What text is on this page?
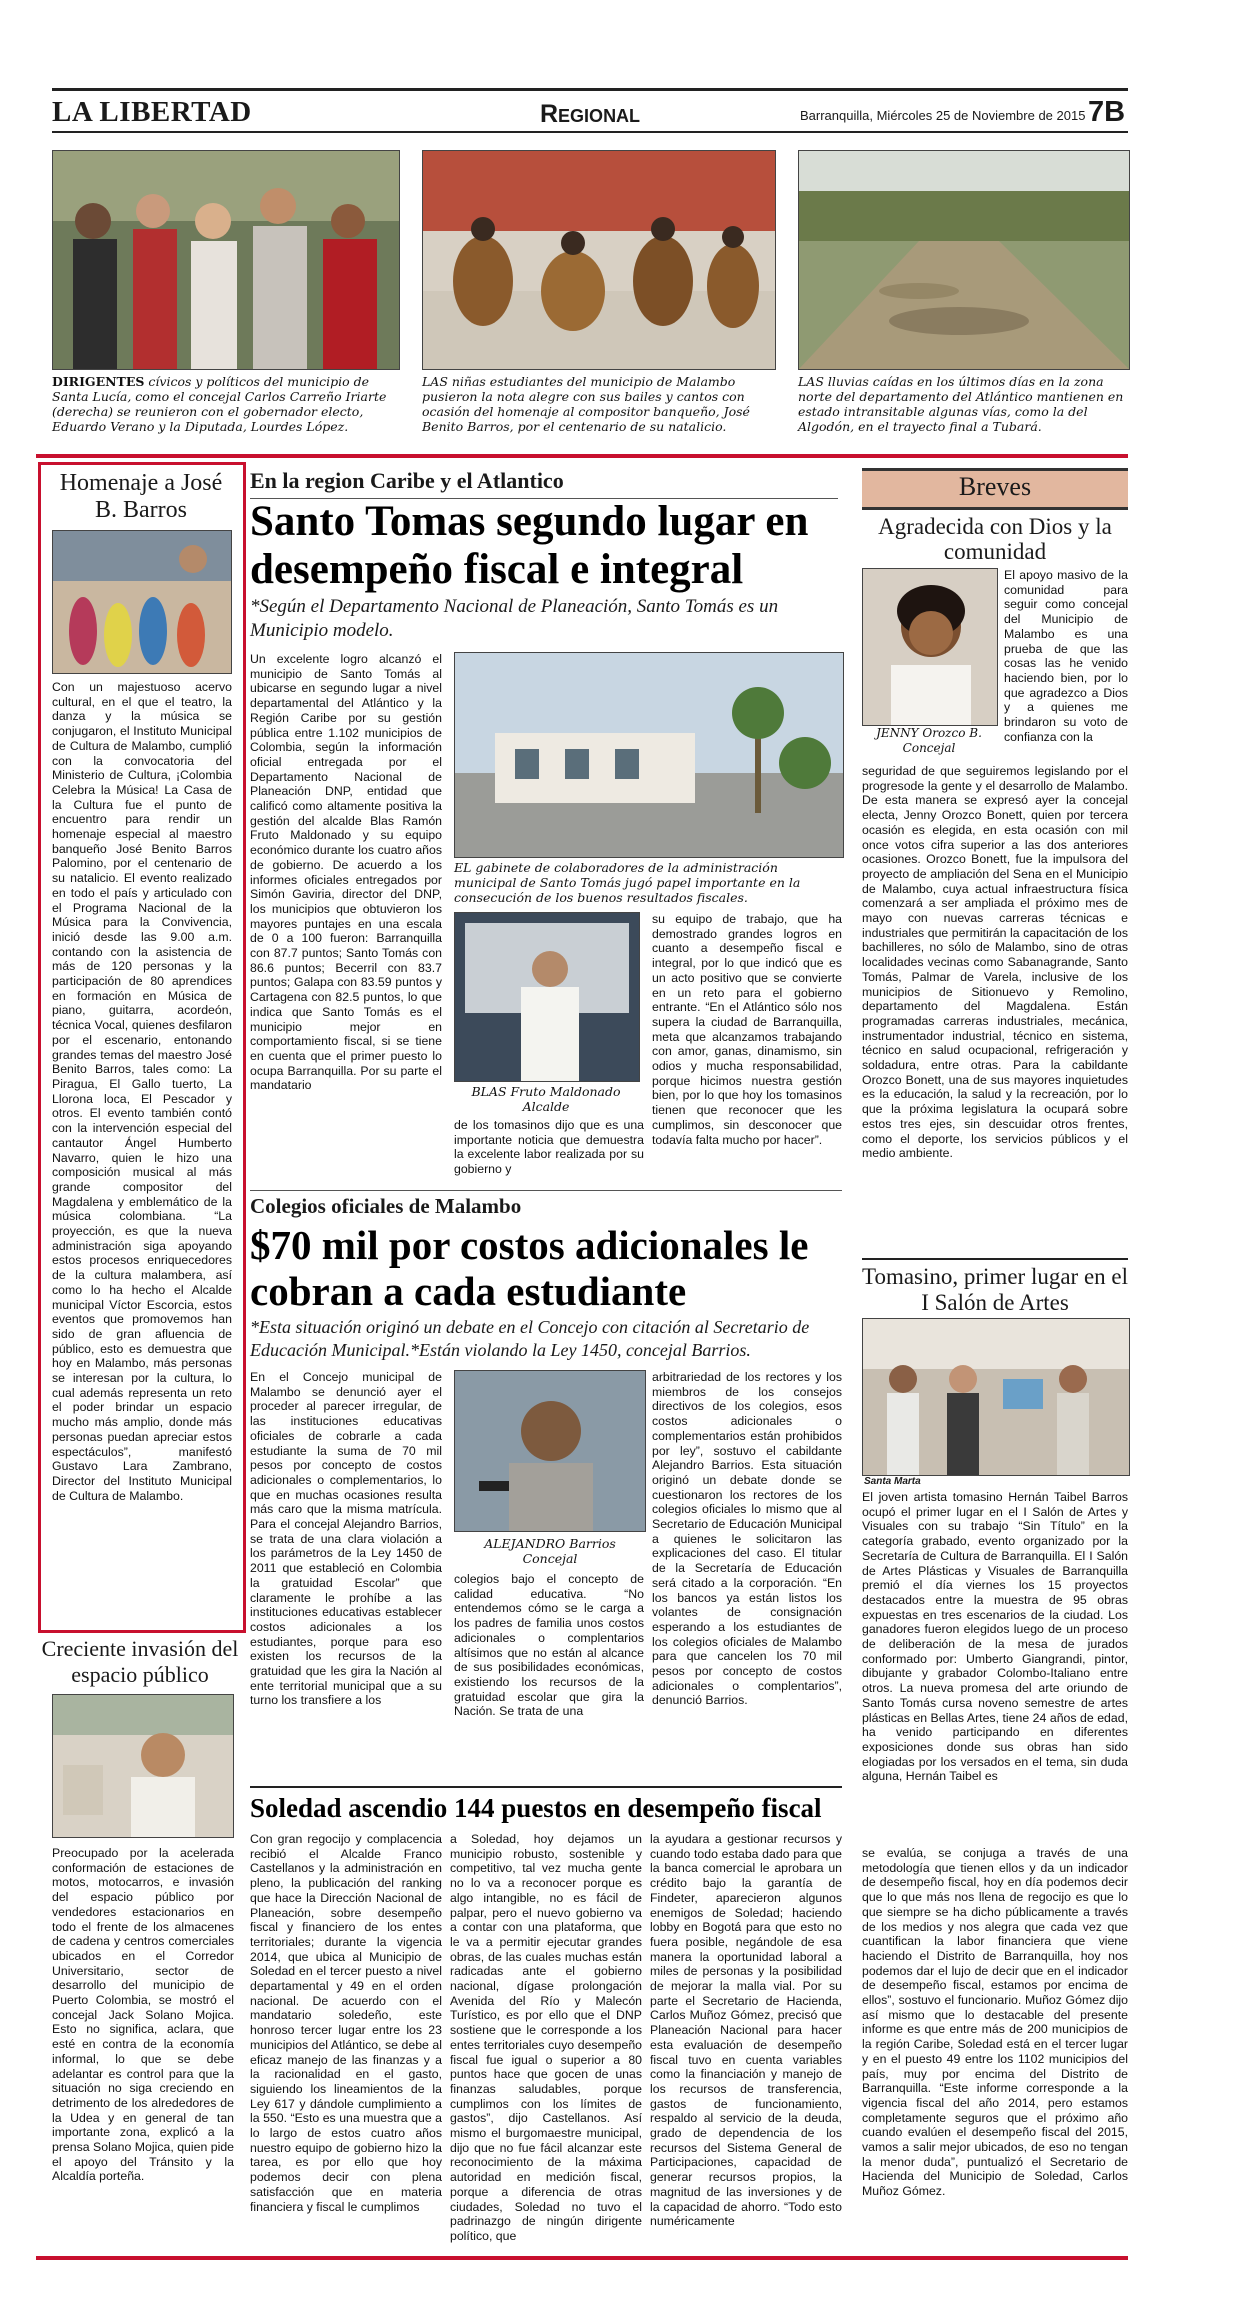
LA LIBERTAD	Regional	Barranquilla, Miércoles 25 de Noviembre de 2015 7B
DIRIGENTES cívicos y políticos del municipio de Santa Lucía, como el concejal Carlos Carreño Iriarte (derecha) se reunieron con el gobernador electo, Eduardo Verano y la Diputada, Lourdes López.
LAS niñas estudiantes del municipio de Malambo pusieron la nota alegre con sus bailes y cantos con ocasión del homenaje al compositor banqueño, José Benito Barros, por el centenario de su natalicio.
LAS lluvias caídas en los últimos días en la zona norte del departamento del Atlántico mantienen en estado intransitable algunas vías, como la del Algodón, en el trayecto final a Tubará.
Homenaje a José B. Barros
Con un majestuoso acervo cultural, en el que el teatro, la danza y la música se conjugaron, el Instituto Municipal de Cultura de Malambo, cumplió con la convocatoria del Ministerio de Cultura, ¡Colombia Celebra la Música! La Casa de la Cultura fue el punto de encuentro para rendir un homenaje especial al maestro banqueño José Benito Barros Palomino, por el centenario de su natalicio. El evento realizado en todo el país y articulado con el Programa Nacional de la Música para la Convivencia, inició desde las 9.00 a.m. contando con la asistencia de más de 120 personas y la participación de 80 aprendices en formación en Música de piano, guitarra, acordeón, técnica Vocal, quienes desfilaron por el escenario, entonando grandes temas del maestro José Benito Barros, tales como: La Piragua, El Gallo tuerto, La Llorona loca, El Pescador y otros. El evento también contó con la intervención especial del cantautor Ángel Humberto Navarro, quien le hizo una composición musical al más grande compositor del Magdalena y emblemático de la música colombiana. “La proyección, es que la nueva administración siga apoyando estos procesos enriquecedores de la cultura malambera, así como lo ha hecho el Alcalde municipal Víctor Escorcia, estos eventos que promovemos han sido de gran afluencia de público, esto es demuestra que hoy en Malambo, más personas se interesan por la cultura, lo cual además representa un reto el poder brindar un espacio mucho más amplio, donde más personas puedan apreciar estos espectáculos”, manifestó Gustavo Lara Zambrano, Director del Instituto Municipal de Cultura de Malambo.
Creciente invasión del espacio público
Preocupado por la acelerada conformación de estaciones de motos, motocarros, e invasión del espacio público por vendedores estacionarios en todo el frente de los almacenes de cadena y centros comerciales ubicados en el Corredor Universitario, sector de desarrollo del municipio de Puerto Colombia, se mostró el concejal Jack Solano Mojica. Esto no significa, aclara, que esté en contra de la economía informal, lo que se debe adelantar es control para que la situación no siga creciendo en detrimento de los alrededores de la Udea y en general de tan importante zona, explicó a la prensa Solano Mojica, quien pide el apoyo del Tránsito y la Alcaldía porteña.
En la region Caribe y el Atlantico
Santo Tomas segundo lugar en desempeño fiscal e integral
*Según el Departamento Nacional de Planeación, Santo Tomás es un Municipio modelo.
Un excelente logro alcanzó el municipio de Santo Tomás al ubicarse en segundo lugar a nivel departamental del Atlántico y la Región Caribe por su gestión pública entre 1.102 municipios de Colombia, según la información oficial entregada por el Departamento Nacional de Planeación DNP, entidad que calificó como altamente positiva la gestión del alcalde Blas Ramón Fruto Maldonado y su equipo económico durante los cuatro años de gobierno. De acuerdo a los informes oficiales entregados por Simón Gaviria, director del DNP, los municipios que obtuvieron los mayores puntajes en una escala de 0 a 100 fueron: Barranquilla con 87.7 puntos; Santo Tomás con 86.6 puntos; Becerril con 83.7 puntos; Galapa con 83.59 puntos y Cartagena con 82.5 puntos, lo que indica que Santo Tomás es el municipio mejor en comportamiento fiscal, si se tiene en cuenta que el primer puesto lo ocupa Barranquilla. Por su parte el mandatario
EL gabinete de colaboradores de la administración municipal de Santo Tomás jugó papel importante en la consecución de los buenos resultados fiscales.
BLAS Fruto Maldonado Alcalde
de los tomasinos dijo que es una importante noticia que demuestra la excelente labor realizada por su gobierno y
su equipo de trabajo, que ha demostrado grandes logros en cuanto a desempeño fiscal e integral, por lo que indicó que es un acto positivo que se convierte en un reto para el gobierno entrante. “En el Atlántico sólo nos supera la ciudad de Barranquilla, meta que alcanzamos trabajando con amor, ganas, dinamismo, sin odios y mucha responsabilidad, porque hicimos nuestra gestión bien, por lo que hoy los tomasinos tienen que reconocer que les cumplimos, sin desconocer que todavía falta mucho por hacer”.
Colegios oficiales de Malambo
$70 mil por costos adicionales le cobran a cada estudiante
*Esta situación originó un debate en el Concejo con citación al Secretario de Educación Municipal.*Están violando la Ley 1450, concejal Barrios.
En el Concejo municipal de Malambo se denunció ayer el proceder al parecer irregular, de las instituciones educativas oficiales de cobrarle a cada estudiante la suma de 70 mil pesos por concepto de costos adicionales o complementarios, lo que en muchas ocasiones resulta más caro que la misma matrícula. Para el concejal Alejandro Barrios, se trata de una clara violación a los parámetros de la Ley 1450 de 2011 que estableció en Colombia la gratuidad Escolar” que claramente le prohíbe a las instituciones educativas establecer costos adicionales a los estudiantes, porque para eso existen los recursos de la gratuidad que les gira la Nación al ente territorial municipal que a su turno los transfiere a los
ALEJANDRO Barrios Concejal
colegios bajo el concepto de calidad educativa. “No entendemos cómo se le carga a los padres de familia unos costos adicionales o complentarios altísimos que no están al alcance de sus posibilidades económicas, existiendo los recursos de la gratuidad escolar que gira la Nación. Se trata de una
arbitrariedad de los rectores y los miembros de los consejos directivos de los colegios, esos costos adicionales o complementarios están prohibidos por ley”, sostuvo el cabildante Alejandro Barrios. Esta situación originó un debate donde se cuestionaron los rectores de los colegios oficiales lo mismo que al Secretario de Educación Municipal a quienes le solicitaron las explicaciones del caso. El titular de la Secretaría de Educación será citado a la corporación. “En los bancos ya están listos los volantes de consignación esperando a los estudiantes de los colegios oficiales de Malambo para que cancelen los 70 mil pesos por concepto de costos adicionales o complentarios”, denunció Barrios.
Soledad ascendio 144 puestos en desempeño fiscal
Con gran regocijo y complacencia recibió el Alcalde Franco Castellanos y la administración en pleno, la publicación del ranking que hace la Dirección Nacional de Planeación, sobre desempeño fiscal y financiero de los entes territoriales; durante la vigencia 2014, que ubica al Municipio de Soledad en el tercer puesto a nivel departamental y 49 en el orden nacional. De acuerdo con el mandatario soledeño, este honroso tercer lugar entre los 23 municipios del Atlántico, se debe al eficaz manejo de las finanzas y a la racionalidad en el gasto, siguiendo los lineamientos de la Ley 617 y dándole cumplimiento a la 550. “Esto es una muestra que a lo largo de estos cuatro años nuestro equipo de gobierno hizo la tarea, es por ello que hoy podemos decir con plena satisfacción que en materia financiera y fiscal le cumplimos
a Soledad, hoy dejamos un municipio robusto, sostenible y competitivo, tal vez mucha gente no lo va a reconocer porque es algo intangible, no es fácil de palpar, pero el nuevo gobierno va a contar con una plataforma, que le va a permitir ejecutar grandes obras, de las cuales muchas están radicadas ante el gobierno nacional, dígase prolongación Avenida del Río y Malecón Turístico, es por ello que el DNP sostiene que le corresponde a los entes territoriales cuyo desempeño fiscal fue igual o superior a 80 puntos hace que gocen de unas finanzas saludables, porque cumplimos con los límites de gastos”, dijo Castellanos. Así mismo el burgomaestre municipal, dijo que no fue fácil alcanzar este reconocimiento de la máxima autoridad en medición fiscal, porque a diferencia de otras ciudades, Soledad no tuvo el padrinazgo de ningún dirigente político, que
la ayudara a gestionar recursos y cuando todo estaba dado para que la banca comercial le aprobara un crédito bajo la garantía de Findeter, aparecieron algunos enemigos de Soledad; haciendo lobby en Bogotá para que esto no fuera posible, negándole de esa manera la oportunidad laboral a miles de personas y la posibilidad de mejorar la malla vial. Por su parte el Secretario de Hacienda, Carlos Muñoz Gómez, precisó que Planeación Nacional para hacer esta evaluación de desempeño fiscal tuvo en cuenta variables como la financiación y manejo de los recursos de transferencia, gastos de funcionamiento, respaldo al servicio de la deuda, grado de dependencia de los recursos del Sistema General de Participaciones, capacidad de generar recursos propios, la magnitud de las inversiones y de la capacidad de ahorro. “Todo esto numéricamente
se evalúa, se conjuga a través de una metodología que tienen ellos y da un indicador de desempeño fiscal, hoy en día podemos decir que lo que más nos llena de regocijo es que lo que siempre se ha dicho públicamente a través de los medios y nos alegra que cada vez que cuantifican la labor financiera que viene haciendo el Distrito de Barranquilla, hoy nos podemos dar el lujo de decir que en el indicador de desempeño fiscal, estamos por encima de ellos”, sostuvo el funcionario. Muñoz Gómez dijo así mismo que lo destacable del presente informe es que entre más de 200 municipios de la región Caribe, Soledad está en el tercer lugar y en el puesto 49 entre los 1102 municipios del país, muy por encima del Distrito de Barranquilla. “Este informe corresponde a la vigencia fiscal del año 2014, pero estamos completamente seguros que el próximo año cuando evalúen el desempeño fiscal del 2015, vamos a salir mejor ubicados, de eso no tengan la menor duda”, puntualizó el Secretario de Hacienda del Municipio de Soledad, Carlos Muñoz Gómez.
Breves
Agradecida con Dios y la comunidad
JENNY Orozco B. Concejal
El apoyo masivo de la comunidad para seguir como concejal del Municipio de Malambo es una prueba de que las cosas las he venido haciendo bien, por lo que agradezco a Dios y a quienes me brindaron su voto de confianza con la
seguridad de que seguiremos legislando por el progresode la gente y el desarrollo de Malambo. De esta manera se expresó ayer la concejal electa, Jenny Orozco Bonett, quien por tercera ocasión es elegida, en esta ocasión con mil once votos cifra superior a las dos anteriores ocasiones. Orozco Bonett, fue la impulsora del proyecto de ampliación del Sena en el Municipio de Malambo, cuya actual infraestructura física comenzará a ser ampliada el próximo mes de mayo con nuevas carreras técnicas e industriales que permitirán la capacitación de los bachilleres, no sólo de Malambo, sino de otras localidades vecinas como Sabanagrande, Santo Tomás, Palmar de Varela, inclusive de los municipios de Sitionuevo y Remolino, departamento del Magdalena. Están programadas carreras industriales, mecánica, instrumentador industrial, técnico en sistema, técnico en salud ocupacional, refrigeración y soldadura, entre otras. Para la cabildante Orozco Bonett, una de sus mayores inquietudes es la educación, la salud y la recreación, por lo que la próxima legislatura la ocupará sobre estos tres ejes, sin descuidar otros frentes, como el deporte, los servicios públicos y el medio ambiente.
Tomasino, primer lugar en el I Salón de Artes
Santa Marta
El joven artista tomasino Hernán Taibel Barros ocupó el primer lugar en el I Salón de Artes y Visuales con su trabajo “Sin Título” en la categoría grabado, evento organizado por la Secretaría de Cultura de Barranquilla. El I Salón de Artes Plásticas y Visuales de Barranquilla premió el día viernes los 15 proyectos destacados entre la muestra de 95 obras expuestas en tres escenarios de la ciudad. Los ganadores fueron elegidos luego de un proceso de deliberación de la mesa de jurados conformado por: Umberto Giangrandi, pintor, dibujante y grabador Colombo-Italiano entre otros. La nueva promesa del arte oriundo de Santo Tomás cursa noveno semestre de artes plásticas en Bellas Artes, tiene 24 años de edad, ha venido participando en diferentes exposiciones donde sus obras han sido elogiadas por los versados en el tema, sin duda alguna, Hernán Taibel es
